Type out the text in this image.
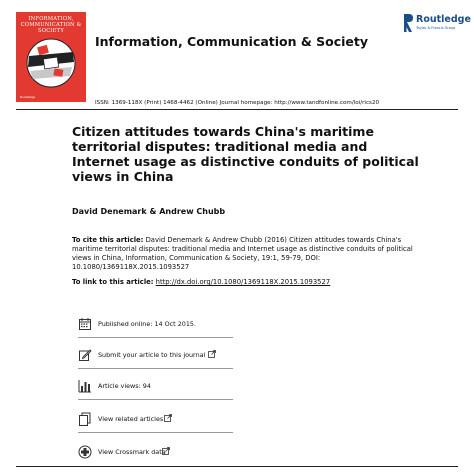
INFORMATION, COMMUNICATION & SOCIETY
Routledge
Information, Communication & Society
Routledge
Taylor & Francis Group
ISSN: 1369-118X (Print) 1468-4462 (Online) Journal homepage: http://www.tandfonline.com/loi/rics20
Citizen attitudes towards China's maritime territorial disputes: traditional media and Internet usage as distinctive conduits of political views in China
David Denemark & Andrew Chubb
To cite this article: David Denemark & Andrew Chubb (2016) Citizen attitudes towards China's maritime territorial disputes: traditional media and Internet usage as distinctive conduits of political views in China, Information, Communication & Society, 19:1, 59-79, DOI: 10.1080/1369118X.2015.1093527
To link to this article: http://dx.doi.org/10.1080/1369118X.2015.1093527
Published online: 14 Oct 2015.
Submit your article to this journal
Article views: 94
View related articles
View Crossmark data
